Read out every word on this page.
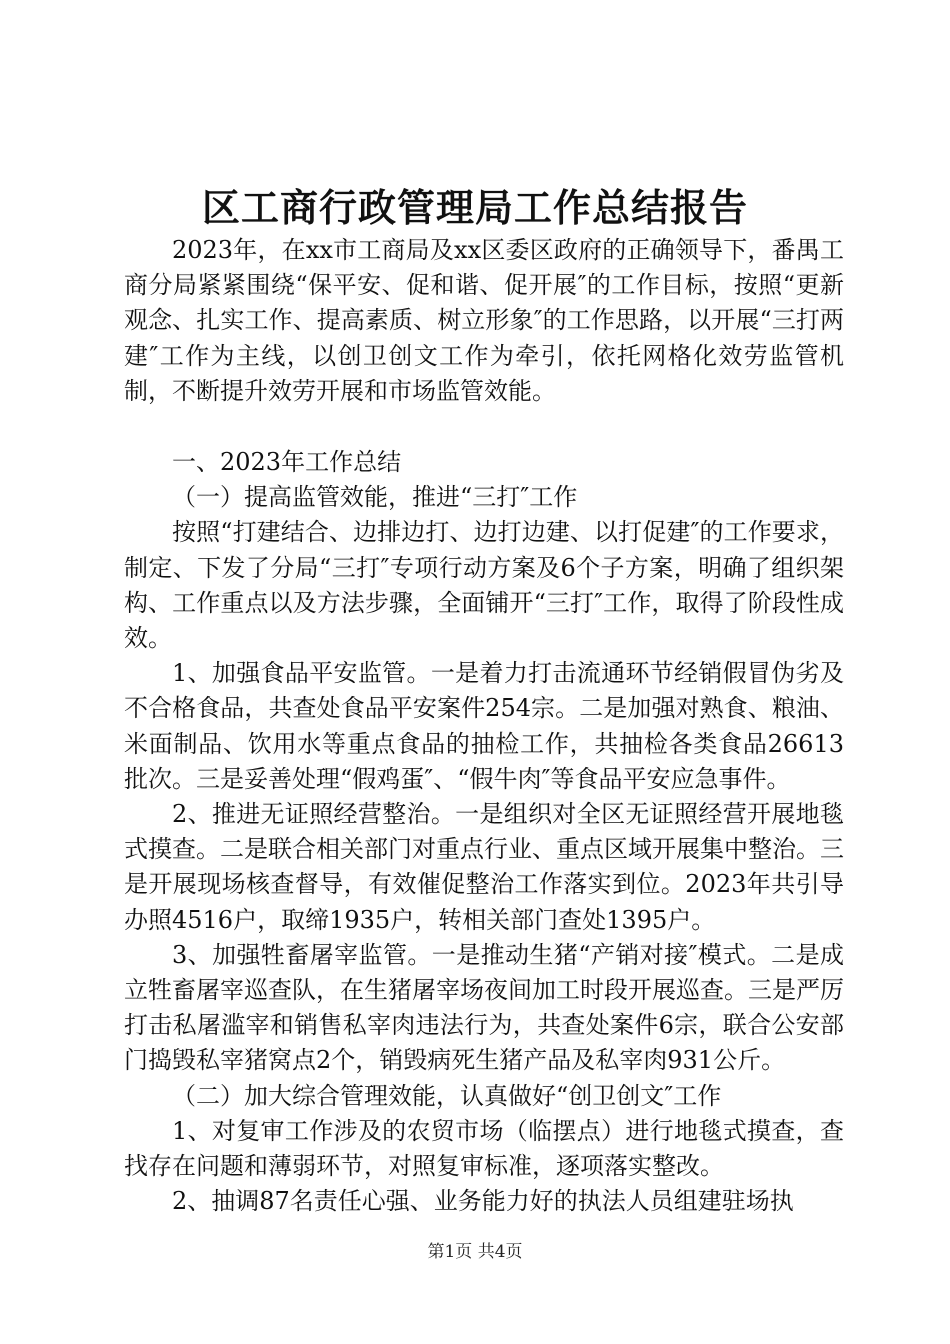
区工商行政管理局工作总结报告

2023年，在xx市工商局及xx区委区政府的正确领导下，番禺工商分局紧紧围绕“保平安、促和谐、促开展″的工作目标，按照“更新观念、扎实工作、提高素质、树立形象″的工作思路，以开展“三打两建″工作为主线，以创卫创文工作为牵引，依托网格化效劳监管机制，不断提升效劳开展和市场监管效能。

一、2023年工作总结

（一）提高监管效能，推进“三打″工作

按照“打建结合、边排边打、边打边建、以打促建″的工作要求，制定、下发了分局“三打″专项行动方案及6个子方案，明确了组织架构、工作重点以及方法步骤，全面铺开“三打″工作，取得了阶段性成效。

1、加强食品平安监管。一是着力打击流通环节经销假冒伪劣及不合格食品，共查处食品平安案件254宗。二是加强对熟食、粮油、米面制品、饮用水等重点食品的抽检工作，共抽检各类食品26613批次。三是妥善处理“假鸡蛋″、“假牛肉″等食品平安应急事件。

2、推进无证照经营整治。一是组织对全区无证照经营开展地毯式摸查。二是联合相关部门对重点行业、重点区域开展集中整治。三是开展现场核查督导，有效催促整治工作落实到位。2023年共引导办照4516户，取缔1935户，转相关部门查处1395户。

3、加强牲畜屠宰监管。一是推动生猪“产销对接″模式。二是成立牲畜屠宰巡查队，在生猪屠宰场夜间加工时段开展巡查。三是严厉打击私屠滥宰和销售私宰肉违法行为，共查处案件6宗，联合公安部门捣毁私宰猪窝点2个，销毁病死生猪产品及私宰肉931公斤。

（二）加大综合管理效能，认真做好“创卫创文″工作

1、对复审工作涉及的农贸市场（临摆点）进行地毯式摸查，查找存在问题和薄弱环节，对照复审标准，逐项落实整改。

2、抽调87名责任心强、业务能力好的执法人员组建驻场执

第1页 共4页
